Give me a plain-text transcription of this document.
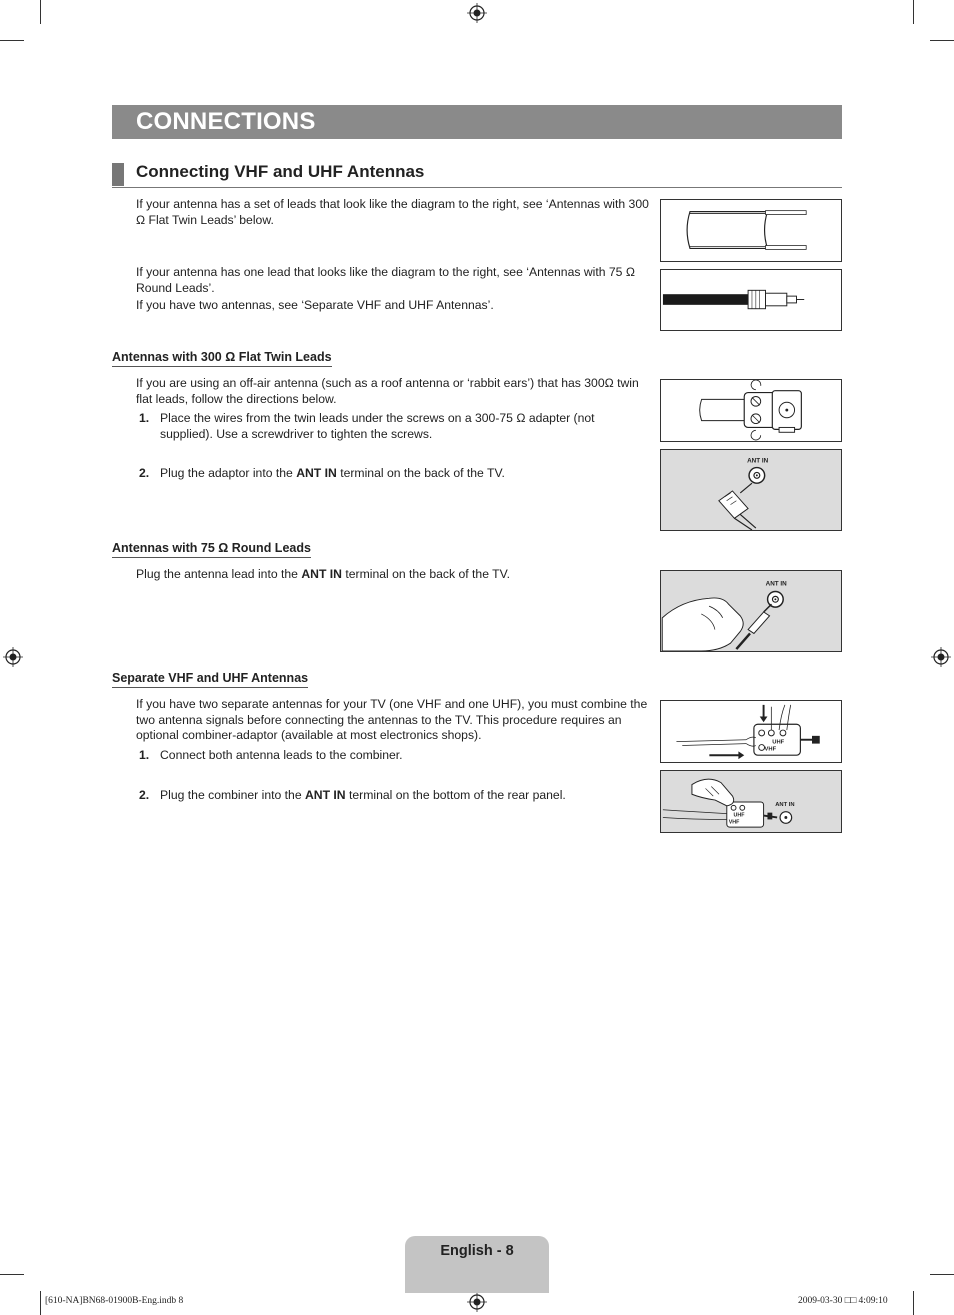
CONNECTIONS
Connecting VHF and UHF Antennas
If your antenna has a set of leads that look like the diagram to the right, see ‘Antennas with 300 Ω Flat Twin Leads’ below.
If your antenna has one lead that looks like the diagram to the right, see ‘Antennas with 75 Ω Round Leads’.
If you have two antennas, see ‘Separate VHF and UHF Antennas’.
Antennas with 300 Ω Flat Twin Leads
If you are using an off-air antenna (such as a roof antenna or ‘rabbit ears’) that has 300Ω twin flat leads, follow the directions below.
1. Place the wires from the twin leads under the screws on a 300-75 Ω adapter (not supplied). Use a screwdriver to tighten the screws.
2. Plug the adaptor into the ANT IN terminal on the back of the TV.
Antennas with 75 Ω Round Leads
Plug the antenna lead into the ANT IN terminal on the back of the TV.
Separate VHF and UHF Antennas
If you have two separate antennas for your TV (one VHF and one UHF), you must combine the two antenna signals before connecting the antennas to the TV. This procedure requires an optional combiner-adaptor (available at most electronics shops).
1. Connect both antenna leads to the combiner.
2. Plug the combiner into the ANT IN terminal on the bottom of the rear panel.
ANT IN
ANT IN
UHF
VHF
ANT IN
UHF
VHF
English - 8
[610-NA]BN68-01900B-Eng.indb 8	2009-03-30 □□ 4:09:10
